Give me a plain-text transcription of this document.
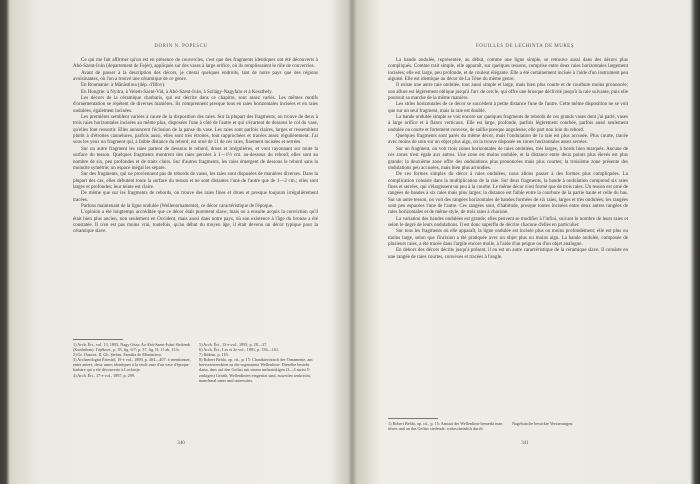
DORIN N. POPESCU

Ce qui me fait affirmer qu'on est en présence de couvercles, c'est que des fragments identiques ont été découverts à Abó-Szent-Iván (département de Fejér), appliqués sur des vases à large orifice, où ils remplissaient le rôle de couvercles.

Avant de passer à la description des décors, je citerai quelques endroits, tant de notre pays que des régions avoisinantes, où l'on a trouvé une céramique de ce genre.

En Roumanie: à Mănăstirea (dép. d'Ilfov).

En Hongrie: à Nyitra, à Velem-Szent-Vid, à Abó-Szent-Iván, à Szilágy-Nagyfalu et à Keszthely.

Les décors de la céramique charbaris, qui est décrite dans ce chapitre, sont assez variés. Les mêmes motifs d'ornementation se répètent de diverses manières. Ils comprennent presque tous en raies horizontales incisées et en raies ondulées, également incisées.

Les premières semblent variées à cause de la disposition des raies. Sur la plupart des fragments, on trouve de deux à trois raies horizontales incisées au même plus, disposées l'une à côté de l'autre et qui s'écartent de dessous le col du vase, qu'elles font ressortir. Elles annoncent l'éclosion de la panse du vase. Les raies sont parfois claires, larges et ressemblent plutôt à d'étroites cannelures, parfois aussi, elles sont très étroites, tout rapprochées et tracées assez régulièrement. J'ai sous les yeux un fragment qui, à faible distance du rebord, est orné de 11 de ces raies, finement incisées et serrées.

Sur un autre fragment les raies partent de dessous le rebord, drues et irrégulières, et vont rayonnant sur toute la surface du tesson. Quelques fragments montrent des raies percées à 1—1½ cm. au-dessous du rebord; elles sont au nombre de six, peu profondes et de traits clairs. Sur d'autres fragments, les raies émergent de dessous le rebord sans la moindre symétrie; un espace inégal les sépare.

Sur des fragments, qui ne proviennent pas de rebords de vases, les raies sont disposées de manières diverses. Dans la plupart des cas, elles débutent toute la surface du tesson et ne sont distantes l'une de l'autre que de 1—2 cm.; elles sont larges et profondes; leur teinte est claire.

De même que sur les fragments de rebords, on trouve des raies fines et drues et presque toujours irrégulièrement tracées.

Parlons maintenant de la ligne ondulée (Wellenornamente), ce décor caractéristique de l'époque.

L'opinion a été longtemps accréditée que ce décor était purement slave; mais on a ensuite acquis la conviction qu'il était bien plus ancien, non seulement en Occident, mais aussi dans notre pays, où son existence à l'âge du bronze a été constatée. Il n'en est pas moins vrai, toutefois, qu'au début du moyen âge, il était devenu un décor typique pour la céramique slave.

1) Arch. Ért., vol. 13, 1893, Nagy Géza: Az Abó-Szent-Iváni Sírdomb (Kunhalom). Tájékozt., p. 35, fig. 6/7; p. 37, fig. II, 11 ab, 13 b.

2) Gr. Oancea, II, Gh. Ştefan, Familia de Mănăstirea.

3) Archaeologiai Értesítő, 19-e vol., 1899, p. 404—407: à mentionner, entre autres, deux urnes identiques à la seule urne d'un vase d'époque barbare qui a été découverte à Lochistje.

4) Arch. Ért., 17-e vol., 1897, p. 299.

5) Arch. Ért., 13-e vol., 1893, p. 28—37.

6) Arch. Ért., Les et 2e vol., 1881, p. 156—161.

7) Ibidem, p. 165.

8) Robert Behla, op. cit., p. 15: Charakteristisch der Ornamente, am hervortretendsten ist die sogenannte Wellenlinie. Dieselbe besteht darin, dass auf den Gefäss mit einem mehrzinkigen (3—4 meist 5-zinkigen) Geräth, Wellenlinien eingeritzt sind, zuweilen senkrecht, manchmal unter und unterwärts.

340
FOUILLES DE LECHINTA DE MUREŞ

La bande ondulée, représentée, au début, comme une ligne simple, se retrouve aussi dans des décors plus compliqués. Comme trait simple, elle apparaît, sur quelques tessons, comprise entre deux raies horizontales largement incisées; elle est large, peu profonde, et de couleur élégante. Elle a été certainement incisée à l'aide d'un instrument peu aiguisé. Elle est identique au décor de La Tène du même genre.

Il existe une autre raie ondulée, tout aussi simple et large, mais bien plus courte et de courbure moins prononcée; son allure est légèrement oblique jusqu'à l'arc de cercle, qui offre une brusque déclivité jusqu'à la raie suivante, puis elle poursuit sa marche de la même manière.

Les stries horizontales de ce décor se succèdent à petite distance l'une de l'autre. Cette même disposition ne se voit que sur un seul fragment, mais la raie est double.

La bande ondulée simple se voit encore sur quelques fragments de rebords de ces grands vases dont j'ai parlé, vases à large orifice et à flancs verticaux. Elle est large, profonde, parfois légèrement courbée, parfois aussi seulement ondulée ou courte et fortement convexe, de saillie presque anguleuse; elle part non loin du rebord.

Quelques fragments sont parés du même décor, mais l'ondulation de la raie est plus accusée. Plus courte, tracée avec moins de soin sur un objet plus aigu, on la trouve disposée en zones horizontales assez serrées.

Sur un fragment, on voit trois zones horizontales de raies ondulées, très larges, à bords bien marqués. Aucune de ces zones n'est égale aux autres. Une zone est moins ondulée, et la distance entre deux points plus élevés est plus grande; la deuxième zone offre des ondulations plus prononcées mais plus courtes; la troisième zone présente des ondulations peu accusées, mais bien plus arrondies.

De ces formes simples du décor à raies ondulées, nous allons passer à des formes plus compliquées. La complication consiste dans la multiplication de la raie. Sur deux fragments, la bande à ondulation comprend six raies fines et serrées, qui s'élargissent un peu à la courbe. Le même décor n'est formé que de trois raies. Un tesson est orné de rangées de bandes à six raies mais plus larges; la distance est faible entre la courbure de la partie haute et celle du bas. Sur un autre tesson, on voit des rangées horizontales de bandes formées de six raies, larges et très ondulées; les rangées sont peu espacées l'une de l'autre. Ces rangées sont, d'habitude, presque toutes incisées entre deux autres rangées de raies horizontales et de même style, de trois raies à chacune.

La variation des bandes ondulées est grande; elles peuvent se modifier à l'infini, suivant le nombre de leurs raies et selon le degré de leurs ondulations. Il est donc superflu de décrire chacune d'elles en particulier.

Sur tous les fragments où elle apparaît, la ligne ondulée est incisée plus ou moins profondément; elle est plus ou moins large, selon que l'incision a été pratiquée avec un objet plus ou moins aigu. La bande ondulée, composée de plusieurs raies, a été tracée dans l'argile encore molle, à l'aide d'un peigne ou d'un objet analogue.

En dehors des décors décrits jusqu'à présent, il en est un autre caractéristique de la céramique slave. Il consiste en une rangée de raies courtes, convexes et tracées à l'angle.

1) Robert Behla, op. cit., p. 15: Anstatt der Wellenlinie bemerkt man öfters und an das Gefäss siedende, wahrscheinlich durch Nagelstriche bewirkte Verzierungen.

341
